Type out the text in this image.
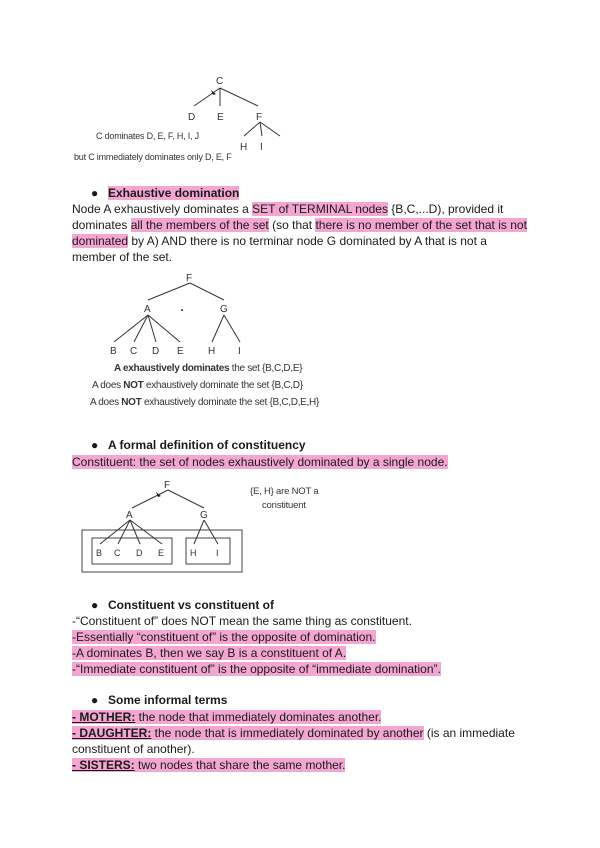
C
D E	F
H I
C dominates D, E, F, H, I, J
but C immediately dominates only D, E, F
● Exhaustive domination
Node A exhaustively dominates a SET of TERMINAL nodes {B,C,...D), provided it dominates all the members of the set (so that there is no member of the set that is not dominated by A) AND there is no terminar node G dominated by A that is not a member of the set.
F
A	G
B C D E H I
A exhaustively dominates the set {B,C,D,E}
A does NOT exhaustively dominate the set {B,C,D}
A does NOT exhaustively dominate the set {B,C,D,E,H}
● A formal definition of constituency
Constituent: the set of nodes exhaustively dominated by a single node.
F
A	G
B C D E	H I
{E, H} are NOT a
constituent
● Constituent vs constituent of
-“Constituent of” does NOT mean the same thing as constituent.
-Essentially “constituent of” is the opposite of domination.
-A dominates B, then we say B is a constituent of A.
-“Immediate constituent of” is the opposite of “immediate domination”.
● Some informal terms
- MOTHER: the node that immediately dominates another.
- DAUGHTER: the node that is immediately dominated by another (is an immediate constituent of another).
- SISTERS: two nodes that share the same mother.
